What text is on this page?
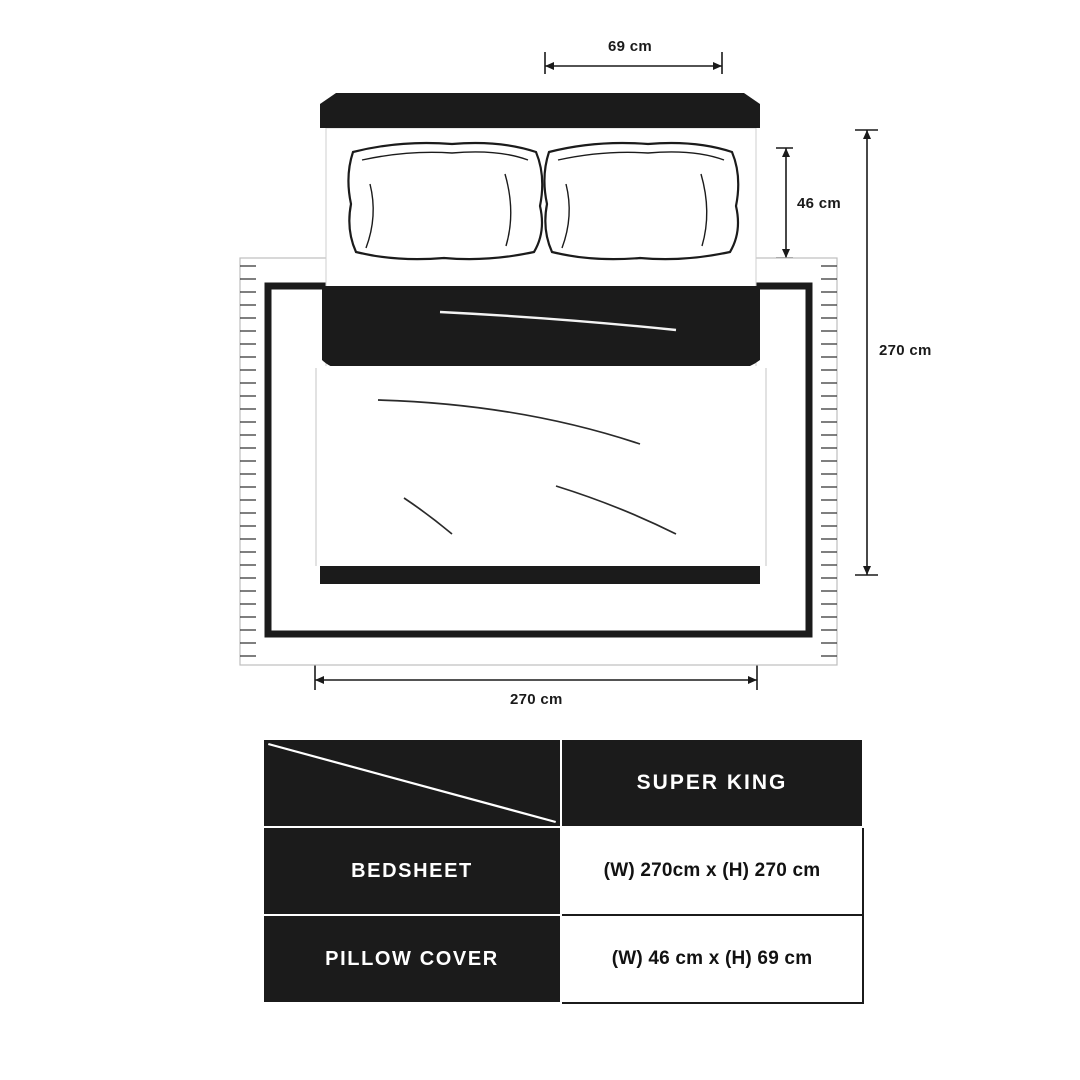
69 cm
46 cm
270 cm
270 cm
	SUPER KING
BEDSHEET	(W) 270cm x (H) 270 cm
PILLOW COVER	(W) 46 cm x (H) 69 cm
